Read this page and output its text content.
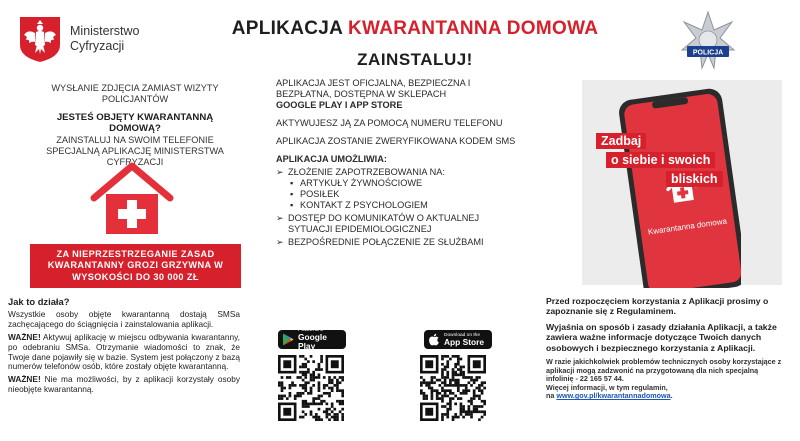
Ministerstwo
Cyfryzacji
APLIKACJA KWARANTANNA DOMOWA
ZAINSTALUJ!	POLICJA
WYSŁANIE ZDJĘCIA ZAMIAST WIZYTY POLICJANTÓW
JESTEŚ OBJĘTY KWARANTANNĄ DOMOWĄ?
ZAINSTALUJ NA SWOIM TELEFONIE SPECJALNĄ APLIKACJĘ MINISTERSTWA CYFRYZACJI
ZA NIEPRZESTRZEGANIE ZASAD KWARANTANNY GROZI GRZYWNA W WYSOKOŚCI DO 30 000 ZŁ

Jak to działa?

Wszystkie osoby objęte kwarantanną dostają SMSa zachęcającego do ściągnięcia i zainstalowania aplikacji.

WAŻNE! Aktywuj aplikację w miejscu odbywania kwarantanny, po odebraniu SMSa. Otrzymanie wiadomości to znak, że Twoje dane pojawiły się w bazie. System jest połączony z bazą numerów telefonów osób, które zostały objęte kwarantanną.

WAŻNE! Nie ma możliwości, by z aplikacji korzystały osoby nieobjęte kwarantanną.

APLIKACJA JEST OFICJALNA, BEZPIECZNA I BEZPŁATNA, DOSTĘPNA W SKLEPACH
GOOGLE PLAY I APP STORE

AKTYWUJESZ JĄ ZA POMOCĄ NUMERU TELEFONU

APLIKACJA ZOSTANIE ZWERYFIKOWANA KODEM SMS

APLIKACJA UMOŻLIWIA:

➢ ZŁOŻENIE ZAPOTRZEBOWANIA NA:
▪ ARTYKUŁY ŻYWNOŚCIOWE
▪ POSIŁEK
▪ KONTAKT Z PSYCHOLOGIEM
➢ DOSTĘP DO KOMUNIKATÓW O AKTUALNEJ SYTUACJI EPIDEMIOLOGICZNEJ
➢ BEZPOŚREDNIE POŁĄCZENIE ZE SŁUŻBAMI
POBIERZ Z
Google Play
Download on the
App Store
Kwarantanna domowa
Zadbaj
o siebie i swoich
bliskich

Przed rozpoczęciem korzystania z Aplikacji prosimy o zapoznanie się z Regulaminem.

Wyjaśnia on sposób i zasady działania Aplikacji, a także zawiera ważne informacje dotyczące Twoich danych osobowych i bezpiecznego korzystania z Aplikacji.

W razie jakichkolwiek problemów technicznych osoby korzystające z aplikacji mogą zadzwonić na przygotowaną dla nich specjalną infolinię - 22 165 57 44.

Więcej informacji, w tym regulamin,

na www.gov.pl/kwarantannadomowa.
